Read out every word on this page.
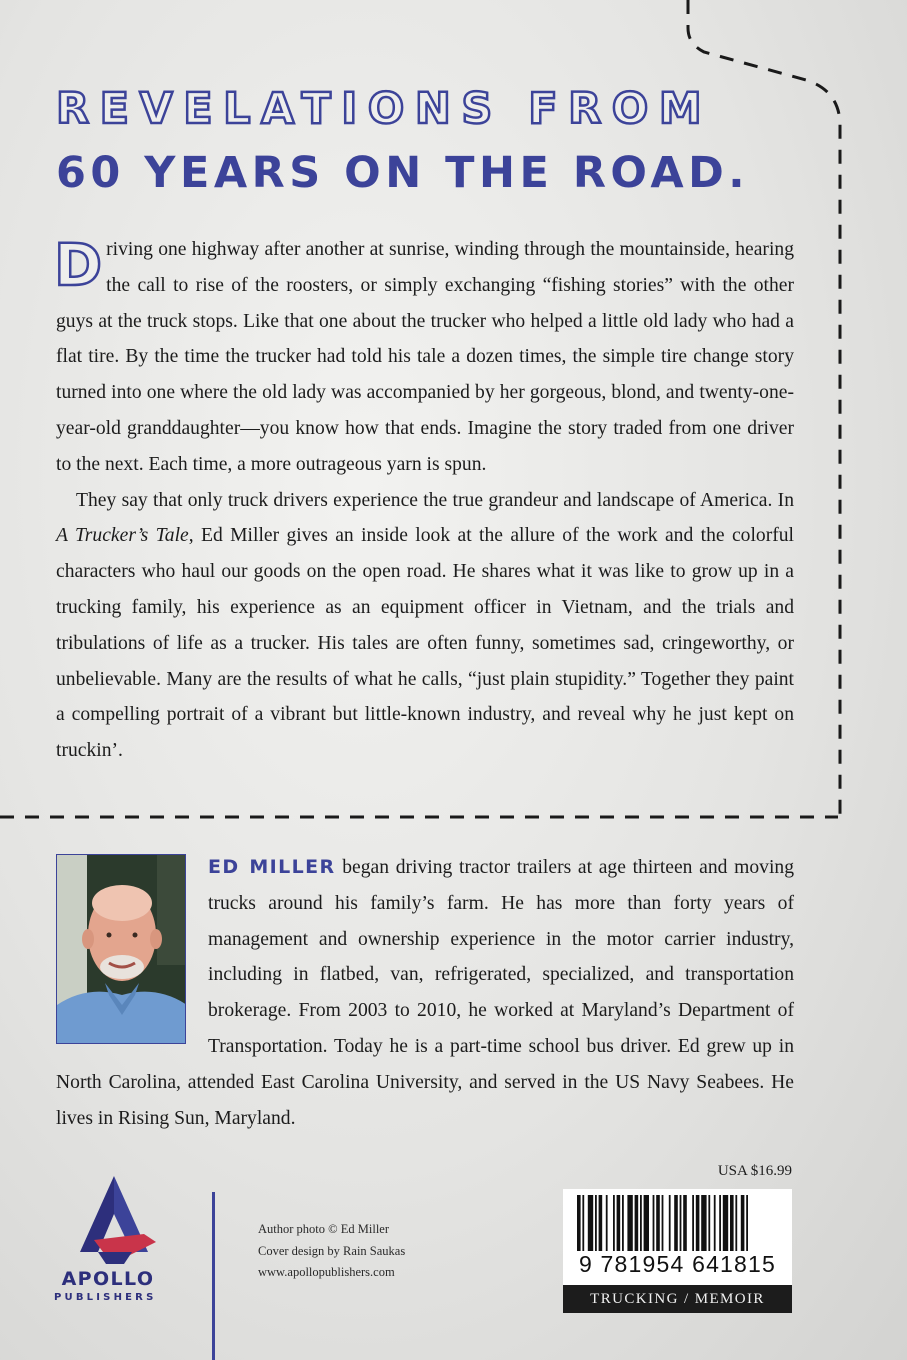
REVELATIONS FROM
60 YEARS ON THE ROAD.

Driving one highway after another at sunrise, winding through the mountainside, hearing the call to rise of the roosters, or simply exchanging “fishing stories” with the other guys at the truck stops. Like that one about the trucker who helped a little old lady who had a flat tire. By the time the trucker had told his tale a dozen times, the simple tire change story turned into one where the old lady was accompanied by her gorgeous, blond, and twenty-one-year-old granddaughter—you know how that ends. Imagine the story traded from one driver to the next. Each time, a more outrageous yarn is spun.

They say that only truck drivers experience the true grandeur and landscape of America. In A Trucker’s Tale, Ed Miller gives an inside look at the allure of the work and the colorful characters who haul our goods on the open road. He shares what it was like to grow up in a trucking family, his experience as an equipment officer in Vietnam, and the trials and tribulations of life as a trucker. His tales are often funny, sometimes sad, cringeworthy, or unbelievable. Many are the results of what he calls, “just plain stupidity.” Together they paint a compelling portrait of a vibrant but little-known industry, and reveal why he just kept on truckin’.

ED MILLER began driving tractor trailers at age thirteen and moving trucks around his family’s farm. He has more than forty years of management and ownership experience in the motor carrier industry, including in flatbed, van, refrigerated, specialized, and transportation brokerage. From 2003 to 2010, he worked at Maryland’s Department of Transportation. Today he is a part-time school bus driver. Ed grew up in North Carolina, attended East Carolina University, and served in the US Navy Seabees. He lives in Rising Sun, Maryland.
APOLLO
PUBLISHERS
Author photo © Ed Miller
Cover design by Rain Saukas
www.apollopublishers.com
USA $16.99
9 781954 641815
TRUCKING / MEMOIR
